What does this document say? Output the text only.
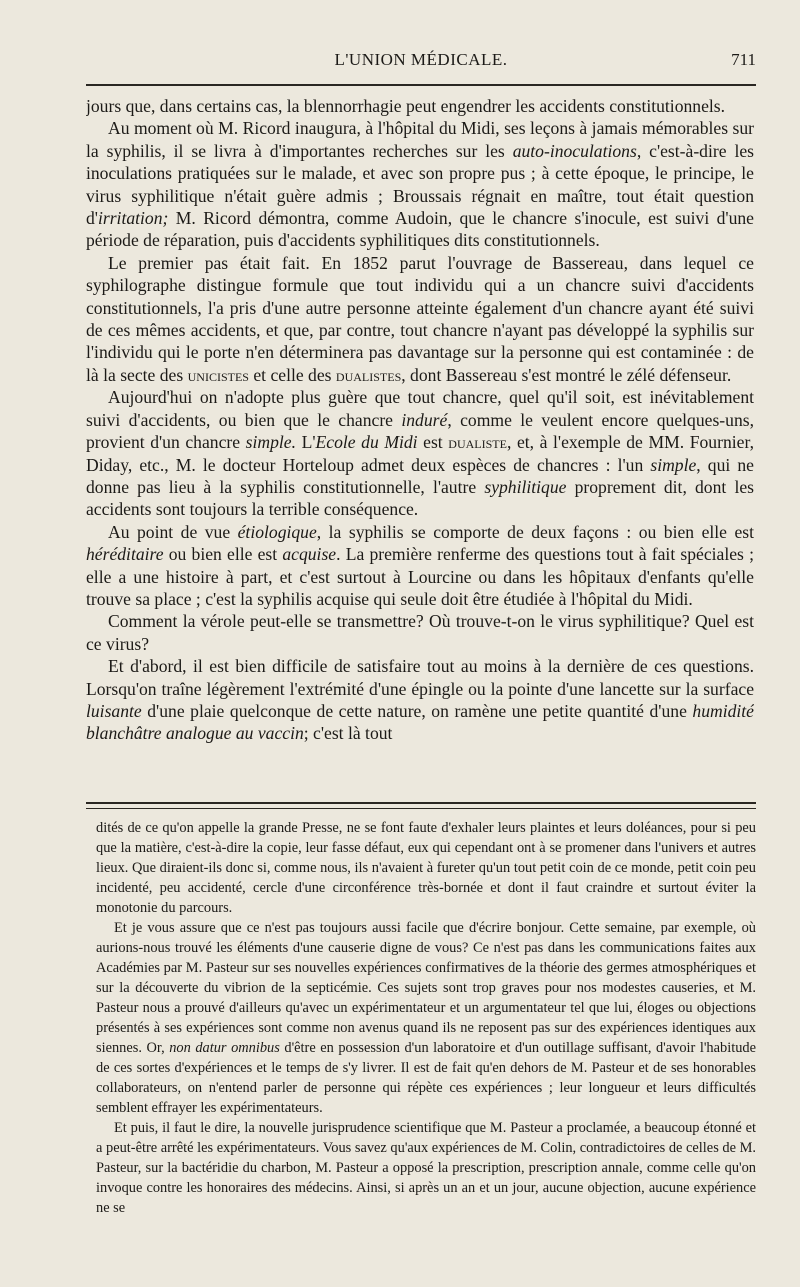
L'UNION MÉDICALE.	711

jours que, dans certains cas, la blennorrhagie peut engendrer les accidents constitutionnels.

Au moment où M. Ricord inaugura, à l'hôpital du Midi, ses leçons à jamais mémorables sur la syphilis, il se livra à d'importantes recherches sur les auto-inoculations, c'est-à-dire les inoculations pratiquées sur le malade, et avec son propre pus ; à cette époque, le principe, le virus syphilitique n'était guère admis ; Broussais régnait en maître, tout était question d'irritation; M. Ricord démontra, comme Audoin, que le chancre s'inocule, est suivi d'une période de réparation, puis d'accidents syphilitiques dits constitutionnels.

Le premier pas était fait. En 1852 parut l'ouvrage de Bassereau, dans lequel ce syphilographe distingue formule que tout individu qui a un chancre suivi d'accidents constitutionnels, l'a pris d'une autre personne atteinte également d'un chancre ayant été suivi de ces mêmes accidents, et que, par contre, tout chancre n'ayant pas développé la syphilis sur l'individu qui le porte n'en déterminera pas davantage sur la personne qui est contaminée : de là la secte des unicistes et celle des dualistes, dont Bassereau s'est montré le zélé défenseur.

Aujourd'hui on n'adopte plus guère que tout chancre, quel qu'il soit, est inévitablement suivi d'accidents, ou bien que le chancre induré, comme le veulent encore quelques-uns, provient d'un chancre simple. L'Ecole du Midi est dualiste, et, à l'exemple de MM. Fournier, Diday, etc., M. le docteur Horteloup admet deux espèces de chancres : l'un simple, qui ne donne pas lieu à la syphilis constitutionnelle, l'autre syphilitique proprement dit, dont les accidents sont toujours la terrible conséquence.

Au point de vue étiologique, la syphilis se comporte de deux façons : ou bien elle est héréditaire ou bien elle est acquise. La première renferme des questions tout à fait spéciales ; elle a une histoire à part, et c'est surtout à Lourcine ou dans les hôpitaux d'enfants qu'elle trouve sa place ; c'est la syphilis acquise qui seule doit être étudiée à l'hôpital du Midi.

Comment la vérole peut-elle se transmettre? Où trouve-t-on le virus syphilitique? Quel est ce virus?

Et d'abord, il est bien difficile de satisfaire tout au moins à la dernière de ces questions. Lorsqu'on traîne légèrement l'extrémité d'une épingle ou la pointe d'une lancette sur la surface luisante d'une plaie quelconque de cette nature, on ramène une petite quantité d'une humidité blanchâtre analogue au vaccin; c'est là tout

dités de ce qu'on appelle la grande Presse, ne se font faute d'exhaler leurs plaintes et leurs doléances, pour si peu que la matière, c'est-à-dire la copie, leur fasse défaut, eux qui cependant ont à se promener dans l'univers et autres lieux. Que diraient-ils donc si, comme nous, ils n'avaient à fureter qu'un tout petit coin de ce monde, petit coin peu incidenté, peu accidenté, cercle d'une circonférence très-bornée et dont il faut craindre et surtout éviter la monotonie du parcours.

Et je vous assure que ce n'est pas toujours aussi facile que d'écrire bonjour. Cette semaine, par exemple, où aurions-nous trouvé les éléments d'une causerie digne de vous? Ce n'est pas dans les communications faites aux Académies par M. Pasteur sur ses nouvelles expériences confirmatives de la théorie des germes atmosphériques et sur la découverte du vibrion de la septicémie. Ces sujets sont trop graves pour nos modestes causeries, et M. Pasteur nous a prouvé d'ailleurs qu'avec un expérimentateur et un argumentateur tel que lui, éloges ou objections présentés à ses expériences sont comme non avenus quand ils ne reposent pas sur des expériences identiques aux siennes. Or, non datur omnibus d'être en possession d'un laboratoire et d'un outillage suffisant, d'avoir l'habitude de ces sortes d'expériences et le temps de s'y livrer. Il est de fait qu'en dehors de M. Pasteur et de ses honorables collaborateurs, on n'entend parler de personne qui répète ces expériences ; leur longueur et leurs difficultés semblent effrayer les expérimentateurs.

Et puis, il faut le dire, la nouvelle jurisprudence scientifique que M. Pasteur a proclamée, a beaucoup étonné et a peut-être arrêté les expérimentateurs. Vous savez qu'aux expériences de M. Colin, contradictoires de celles de M. Pasteur, sur la bactéridie du charbon, M. Pasteur a opposé la prescription, prescription annale, comme celle qu'on invoque contre les honoraires des médecins. Ainsi, si après un an et un jour, aucune objection, aucune expérience ne se
